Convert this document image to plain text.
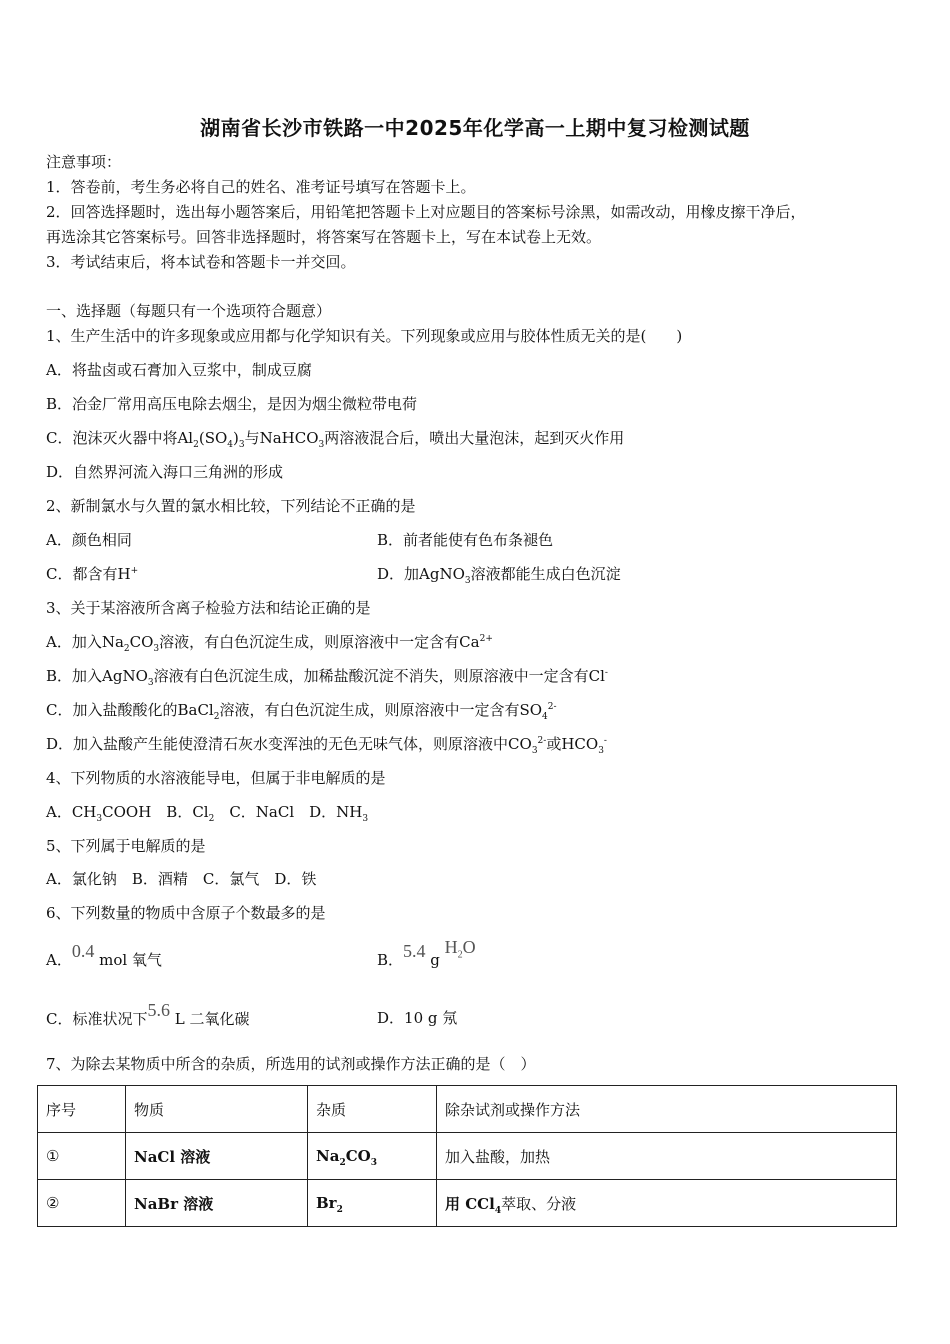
湖南省长沙市铁路一中2025年化学高一上期中复习检测试题
注意事项：
1．答卷前，考生务必将自己的姓名、准考证号填写在答题卡上。
2．回答选择题时，选出每小题答案后，用铅笔把答题卡上对应题目的答案标号涂黑，如需改动，用橡皮擦干净后，
再选涂其它答案标号。回答非选择题时，将答案写在答题卡上，写在本试卷上无效。
3．考试结束后，将本试卷和答题卡一并交回。
一、选择题（每题只有一个选项符合题意）
1、生产生活中的许多现象或应用都与化学知识有关。下列现象或应用与胶体性质无关的是(　　)
A．将盐卤或石膏加入豆浆中，制成豆腐
B．冶金厂常用高压电除去烟尘，是因为烟尘微粒带电荷
C．泡沫灭火器中将$Al_2(SO_4)_3$与NaHCO$_3$两溶液混合后，喷出大量泡沫，起到灭火作用
D．自然界河流入海口三角洲的形成
2、新制氯水与久置的氯水相比较，下列结论不正确的是
A．颜色相同	B．前者能使有色布条褪色
C．都含有H+	D．加AgNO$_3$溶液都能生成白色沉淀
3、关于某溶液所含离子检验方法和结论正确的是
A．加入$Na_2CO_3$溶液，有白色沉淀生成，则原溶液中一定含有$Ca^{2+}$
B．加入AgNO$_3$溶液有白色沉淀生成，加稀盐酸沉淀不消失，则原溶液中一定含有Cl-
C．加入盐酸酸化的BaCl$_2$溶液，有白色沉淀生成，则原溶液中一定含有$SO_4^{2-}$
D．加入盐酸产生能使澄清石灰水变浑浊的无色无味气体，则原溶液中$CO_3^{2-}$或$HCO_3^-$
4、下列物质的水溶液能导电，但属于非电解质的是
A．$CH_3COOH$　B．$Cl_2$　C．NaCl　D．$NH_3$
5、下列属于电解质的是
A．氯化钠　B．酒精　C．氯气　D．铁
6、下列数量的物质中含原子个数最多的是
A．0.4 mol 氧气	B．5.4 g $H_2O$
C．标准状况下5.6 L 二氧化碳	D．10 g 氖
7、为除去某物质中所含的杂质，所选用的试剂或操作方法正确的是（　）
序号	物质	杂质	除杂试剂或操作方法
①	NaCl 溶液	$Na_2CO_3$	加入盐酸，加热
②	NaBr 溶液	$Br_2$	用 CCl$_4$萃取、分液
